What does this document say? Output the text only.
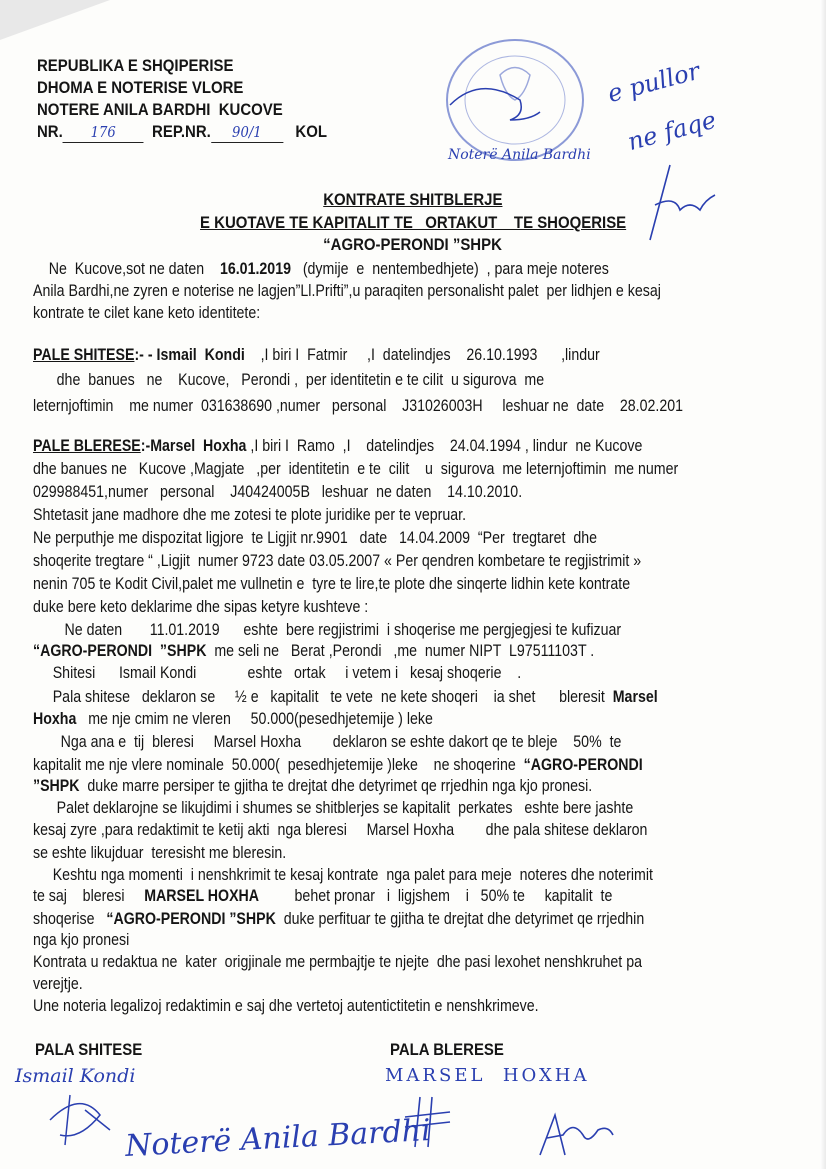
REPUBLIKA E SHQIPERISE
DHOMA E NOTERISE VLORE
NOTERE ANILA BARDHI  KUCOVE
NR. 176 REP.NR. 90/1 KOL
Noterë Anila Bardhi
e pullor
ne faqe
KONTRATE SHITBLERJE
E KUOTAVE TE KAPITALIT TE   ORTAKUT    TE SHOQERISE
“AGRO-PERONDI ”SHPK
Ne  Kucove,sot ne daten    16.01.2019   (dymije  e  nentembedhjete)  , para meje noteres
Anila Bardhi,ne zyren e noterise ne lagjen”Ll.Prifti”,u paraqiten personalisht palet  per lidhjen e kesaj
kontrate te cilet kane keto identitete:
PALE SHITESE:- - Ismail  Kondi    ,I biri I  Fatmir     ,I  datelindjes    26.10.1993      ,lindur
dhe  banues   ne    Kucove,   Perondi ,  per identitetin e te cilit  u sigurova  me
leternjoftimin    me numer  031638690 ,numer   personal    J31026003H     leshuar ne  date    28.02.201
PALE BLERESE:-Marsel  Hoxha ,I biri I  Ramo  ,I    datelindjes    24.04.1994 , lindur  ne Kucove
dhe banues ne   Kucove ,Magjate   ,per  identitetin  e te  cilit    u  sigurova  me leternjoftimin  me numer
029988451,numer   personal    J40424005B   leshuar  ne daten    14.10.2010.
Shtetasit jane madhore dhe me zotesi te plote juridike per te vepruar.
Ne perputhje me dispozitat ligjore  te Ligjit nr.9901   date   14.04.2009  “Per  tregtaret  dhe
shoqerite tregtare “ ,Ligjit  numer 9723 date 03.05.2007 « Per qendren kombetare te regjistrimit »
nenin 705 te Kodit Civil,palet me vullnetin e  tyre te lire,te plote dhe sinqerte lidhin kete kontrate
duke bere keto deklarime dhe sipas ketyre kushteve :
Ne daten       11.01.2019      eshte  bere regjistrimi  i shoqerise me pergjegjesi te kufizuar
“AGRO-PERONDI  ”SHPK  me seli ne   Berat ,Perondi   ,me  numer NIPT  L97511103T .
Shitesi      Ismail Kondi             eshte   ortak     i vetem i   kesaj shoqerie    .
Pala shitese   deklaron se     ½ e   kapitalit   te vete  ne kete shoqeri    ia shet      bleresit  Marsel
Hoxha   me nje cmim ne vleren     50.000(pesedhjetemije ) leke
Nga ana e  tij  bleresi     Marsel Hoxha        deklaron se eshte dakort qe te bleje    50%  te
kapitalit me nje vlere nominale  50.000(  pesedhjetemije )leke    ne shoqerine  “AGRO-PERONDI
”SHPK  duke marre persiper te gjitha te drejtat dhe detyrimet qe rrjedhin nga kjo pronesi.
Palet deklarojne se likujdimi i shumes se shitblerjes se kapitalit  perkates   eshte bere jashte
kesaj zyre ,para redaktimit te ketij akti  nga bleresi     Marsel Hoxha        dhe pala shitese deklaron
se eshte likujduar  teresisht me bleresin.
Keshtu nga momenti  i nenshkrimit te kesaj kontrate  nga palet para meje  noteres dhe noterimit
te saj    bleresi     MARSEL HOXHA         behet pronar   i  ligjshem    i   50% te     kapitalit  te
shoqerise   “AGRO-PERONDI ”SHPK  duke perfituar te gjitha te drejtat dhe detyrimet qe rrjedhin
nga kjo pronesi
Kontrata u redaktua ne  kater  origjinale me permbajtje te njejte  dhe pasi lexohet nenshkruhet pa
verejtje.
Une noteria legalizoj redaktimin e saj dhe vertetoj autentictitetin e nenshkrimeve.
PALA SHITESE	PALA BLERESE
Ismail Kondi	MARSEL  HOXHA
Noterë Anila Bardhi
